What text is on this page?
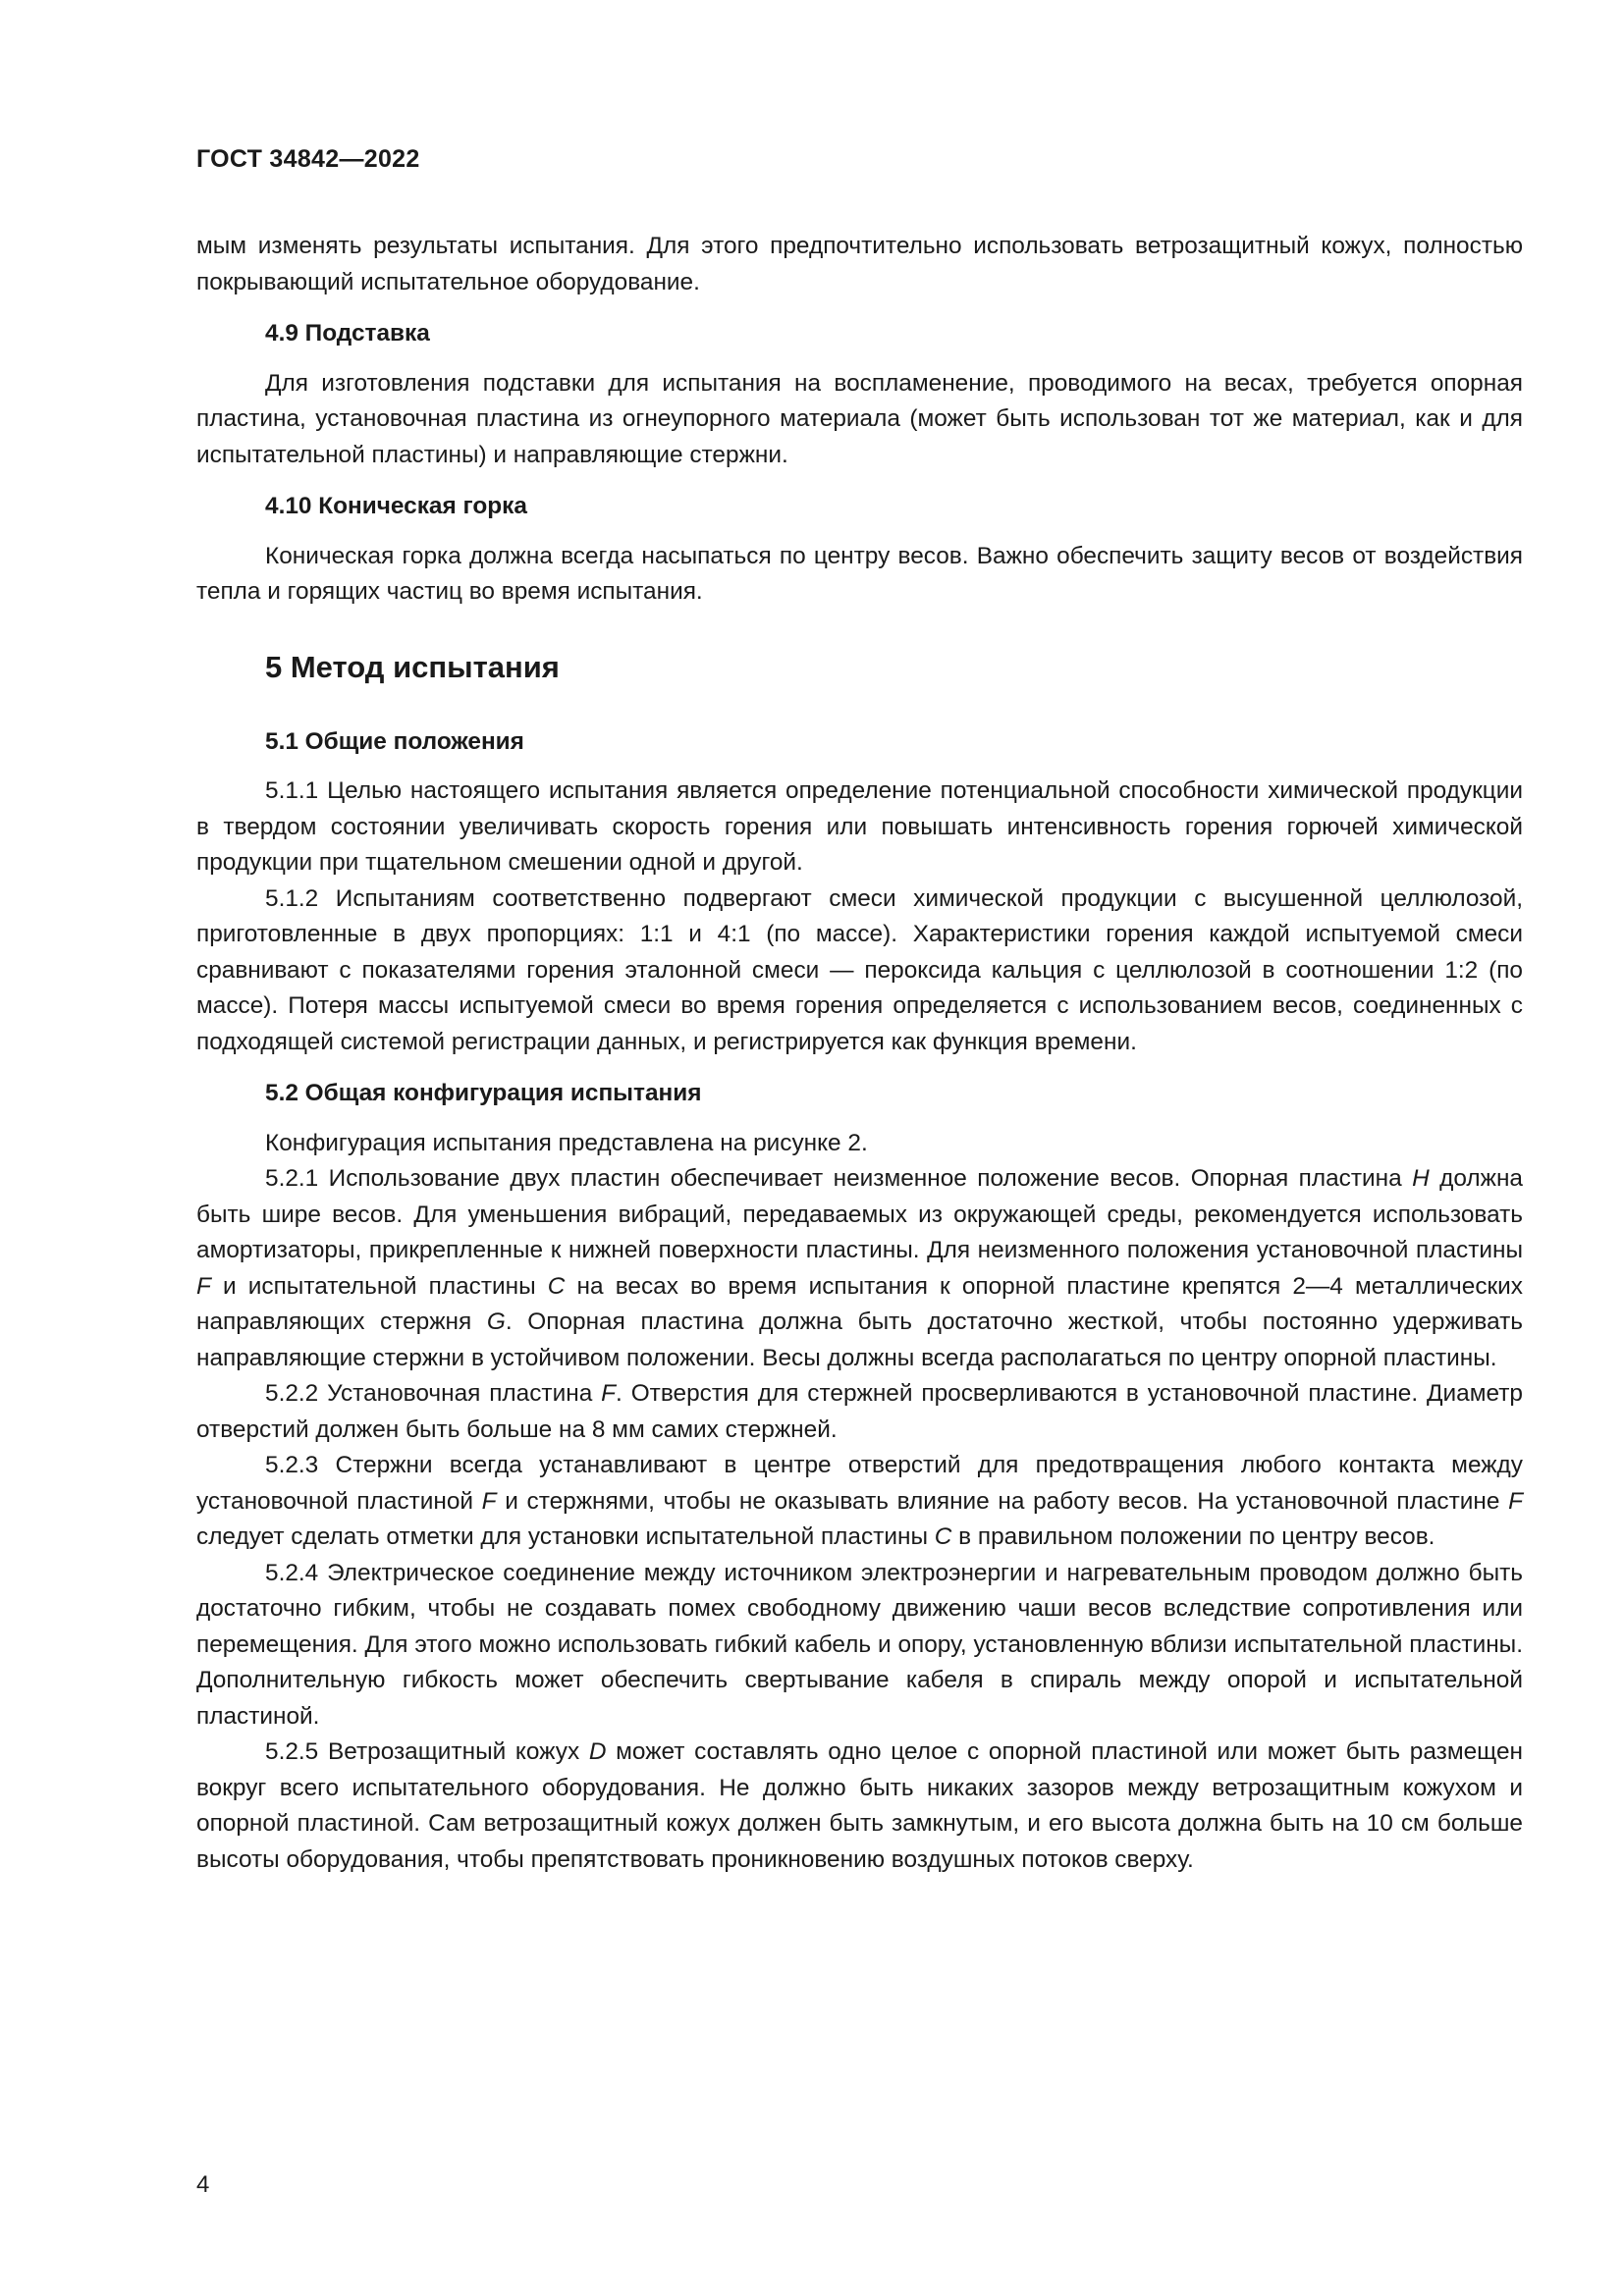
ГОСТ 34842—2022

мым изменять результаты испытания. Для этого предпочтительно использовать ветрозащитный кожух, полностью покрывающий испытательное оборудование.

4.9 Подставка

Для изготовления подставки для испытания на воспламенение, проводимого на весах, требуется опорная пластина, установочная пластина из огнеупорного материала (может быть использован тот же материал, как и для испытательной пластины) и направляющие стержни.

4.10 Коническая горка

Коническая горка должна всегда насыпаться по центру весов. Важно обеспечить защиту весов от воздействия тепла и горящих частиц во время испытания.

5 Метод испытания
5.1 Общие положения

5.1.1 Целью настоящего испытания является определение потенциальной способности химической продукции в твердом состоянии увеличивать скорость горения или повышать интенсивность горения горючей химической продукции при тщательном смешении одной и другой.

5.1.2 Испытаниям соответственно подвергают смеси химической продукции с высушенной целлюлозой, приготовленные в двух пропорциях: 1:1 и 4:1 (по массе). Характеристики горения каждой испытуемой смеси сравнивают с показателями горения эталонной смеси — пероксида кальция с целлюлозой в соотношении 1:2 (по массе). Потеря массы испытуемой смеси во время горения определяется с использованием весов, соединенных с подходящей системой регистрации данных, и регистрируется как функция времени.

5.2 Общая конфигурация испытания

Конфигурация испытания представлена на рисунке 2.

5.2.1 Использование двух пластин обеспечивает неизменное положение весов. Опорная пластина H должна быть шире весов. Для уменьшения вибраций, передаваемых из окружающей среды, рекомендуется использовать амортизаторы, прикрепленные к нижней поверхности пластины. Для неизменного положения установочной пластины F и испытательной пластины C на весах во время испытания к опорной пластине крепятся 2—4 металлических направляющих стержня G. Опорная пластина должна быть достаточно жесткой, чтобы постоянно удерживать направляющие стержни в устойчивом положении. Весы должны всегда располагаться по центру опорной пластины.

5.2.2 Установочная пластина F. Отверстия для стержней просверливаются в установочной пластине. Диаметр отверстий должен быть больше на 8 мм самих стержней.

5.2.3 Стержни всегда устанавливают в центре отверстий для предотвращения любого контакта между установочной пластиной F и стержнями, чтобы не оказывать влияние на работу весов. На установочной пластине F следует сделать отметки для установки испытательной пластины C в правильном положении по центру весов.

5.2.4 Электрическое соединение между источником электроэнергии и нагревательным проводом должно быть достаточно гибким, чтобы не создавать помех свободному движению чаши весов вследствие сопротивления или перемещения. Для этого можно использовать гибкий кабель и опору, установленную вблизи испытательной пластины. Дополнительную гибкость может обеспечить свертывание кабеля в спираль между опорой и испытательной пластиной.

5.2.5 Ветрозащитный кожух D может составлять одно целое с опорной пластиной или может быть размещен вокруг всего испытательного оборудования. Не должно быть никаких зазоров между ветрозащитным кожухом и опорной пластиной. Сам ветрозащитный кожух должен быть замкнутым, и его высота должна быть на 10 см больше высоты оборудования, чтобы препятствовать проникновению воздушных потоков сверху.

4
